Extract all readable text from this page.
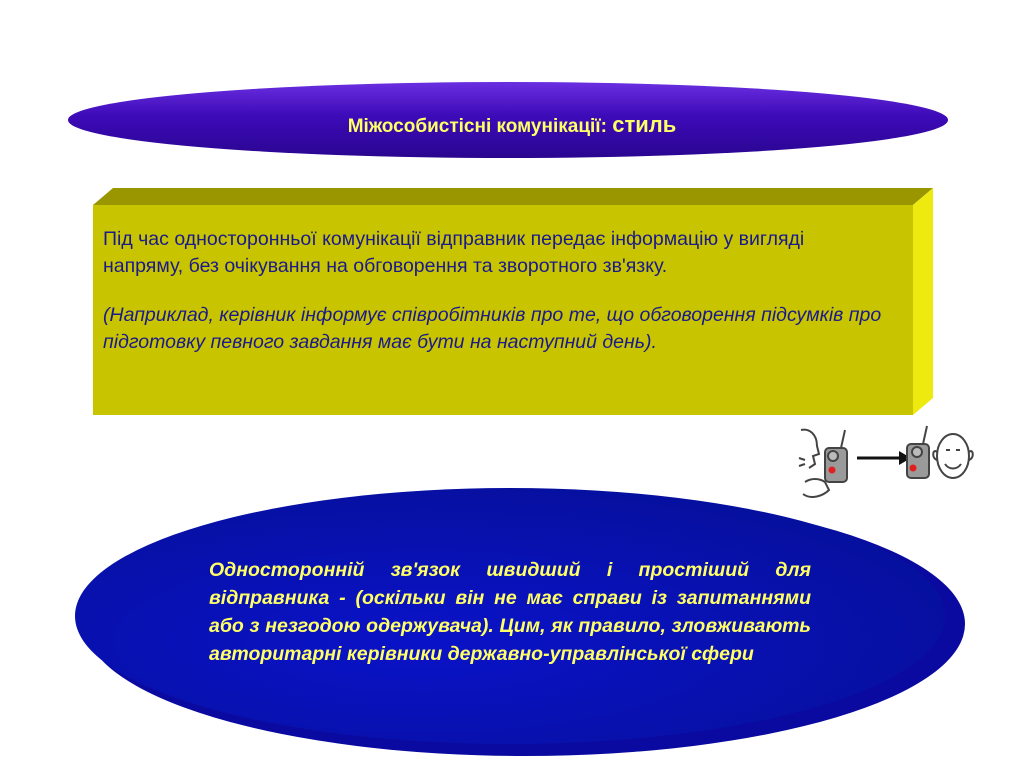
Міжособистісні комунікації: стиль

Під час односторонньої комунікації відправник передає інформацію у вигляді напряму, без очікування на обговорення та зворотного зв'язку.

(Наприклад, керівник інформує співробітників про те, що обговорення підсумків про підготовку певного завдання має бути на наступний день).

Односторонній зв'язок швидший і простіший для відправника - (оскільки він не має справи із запитаннями або з незгодою одержувача). Цим, як правило, зловживають авторитарні керівники державно-управлінської сфери
